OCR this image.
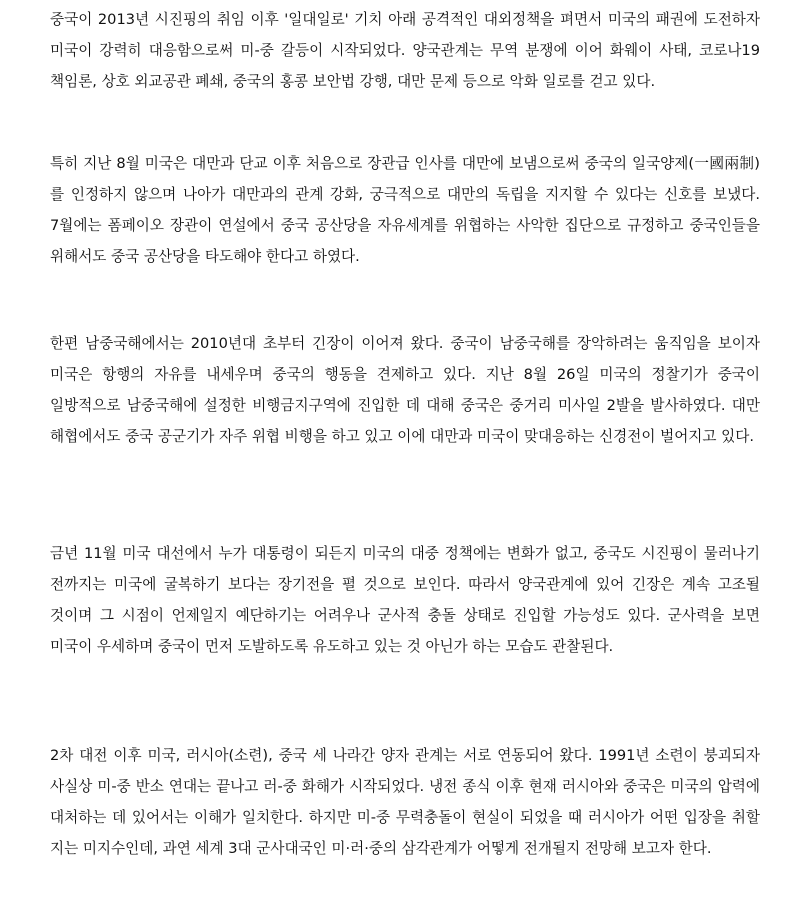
중국이 2013년 시진핑의 취임 이후 '일대일로' 기치 아래 공격적인 대외정책을 펴면서 미국의 패권에 도전하자 미국이 강력히 대응함으로써 미-중 갈등이 시작되었다. 양국관계는 무역 분쟁에 이어 화웨이 사태, 코로나19 책임론, 상호 외교공관 폐쇄, 중국의 홍콩 보안법 강행, 대만 문제 등으로 악화 일로를 걷고 있다.

특히 지난 8월 미국은 대만과 단교 이후 처음으로 장관급 인사를 대만에 보냄으로써 중국의 일국양제(一國兩制)를 인정하지 않으며 나아가 대만과의 관계 강화, 궁극적으로 대만의 독립을 지지할 수 있다는 신호를 보냈다. 7월에는 폼페이오 장관이 연설에서 중국 공산당을 자유세계를 위협하는 사악한 집단으로 규정하고 중국인들을 위해서도 중국 공산당을 타도해야 한다고 하였다.

한편 남중국해에서는 2010년대 초부터 긴장이 이어져 왔다. 중국이 남중국해를 장악하려는 움직임을 보이자 미국은 항행의 자유를 내세우며 중국의 행동을 견제하고 있다. 지난 8월 26일 미국의 정찰기가 중국이 일방적으로 남중국해에 설정한 비행금지구역에 진입한 데 대해 중국은 중거리 미사일 2발을 발사하였다. 대만 해협에서도 중국 공군기가 자주 위협 비행을 하고 있고 이에 대만과 미국이 맞대응하는 신경전이 벌어지고 있다.

금년 11월 미국 대선에서 누가 대통령이 되든지 미국의 대중 정책에는 변화가 없고, 중국도 시진핑이 물러나기 전까지는 미국에 굴복하기 보다는 장기전을 펼 것으로 보인다. 따라서 양국관계에 있어 긴장은 계속 고조될 것이며 그 시점이 언제일지 예단하기는 어려우나 군사적 충돌 상태로 진입할 가능성도 있다. 군사력을 보면 미국이 우세하며 중국이 먼저 도발하도록 유도하고 있는 것 아닌가 하는 모습도 관찰된다.

2차 대전 이후 미국, 러시아(소련), 중국 세 나라간 양자 관계는 서로 연동되어 왔다. 1991년 소련이 붕괴되자 사실상 미-중 반소 연대는 끝나고 러-중 화해가 시작되었다. 냉전 종식 이후 현재 러시아와 중국은 미국의 압력에 대처하는 데 있어서는 이해가 일치한다. 하지만 미-중 무력충돌이 현실이 되었을 때 러시아가 어떤 입장을 취할 지는 미지수인데, 과연 세계 3대 군사대국인 미·러·중의 삼각관계가 어떻게 전개될지 전망해 보고자 한다.
